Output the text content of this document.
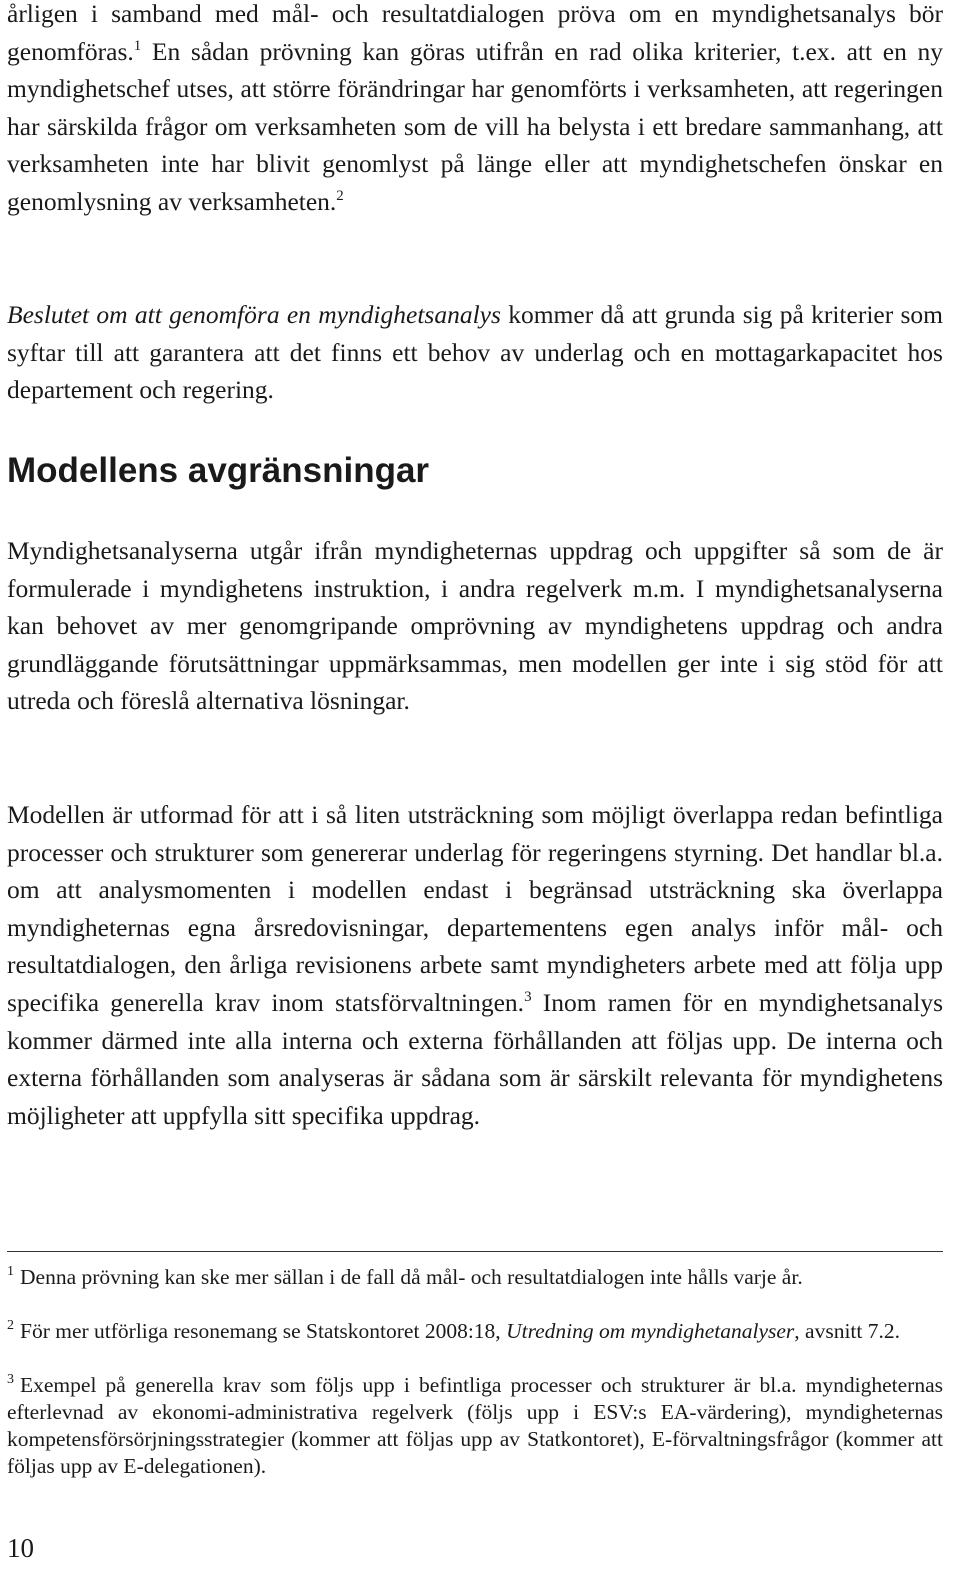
årligen i samband med mål- och resultatdialogen pröva om en myndighetsanalys bör genomföras.$^1$ En sådan prövning kan göras utifrån en rad olika kriterier, t.ex. att en ny myndighetschef utses, att större förändringar har genomförts i verksamheten, att regeringen har särskilda frågor om verksamheten som de vill ha belysta i ett bredare sammanhang, att verksamheten inte har blivit genomlyst på länge eller att myndighetschefen önskar en genomlysning av verksamheten.$^2$

Beslutet om att genomföra en myndighetsanalys kommer då att grunda sig på kriterier som syftar till att garantera att det finns ett behov av underlag och en mottagarkapacitet hos departement och regering.

Modellens avgränsningar

Myndighetsanalyserna utgår ifrån myndigheternas uppdrag och uppgifter så som de är formulerade i myndighetens instruktion, i andra regelverk m.m. I myndighetsanalyserna kan behovet av mer genomgripande omprövning av myndighetens uppdrag och andra grundläggande förutsättningar uppmärksammas, men modellen ger inte i sig stöd för att utreda och föreslå alternativa lösningar.

Modellen är utformad för att i så liten utsträckning som möjligt överlappa redan befintliga processer och strukturer som genererar underlag för regeringens styrning. Det handlar bl.a. om att analysmomenten i modellen endast i begränsad utsträckning ska överlappa myndigheternas egna årsredovisningar, departementens egen analys inför mål- och resultatdialogen, den årliga revisionens arbete samt myndigheters arbete med att följa upp specifika generella krav inom statsförvaltningen.$^3$ Inom ramen för en myndighetsanalys kommer därmed inte alla interna och externa förhållanden att följas upp. De interna och externa förhållanden som analyseras är sådana som är särskilt relevanta för myndighetens möjligheter att uppfylla sitt specifika uppdrag.

$^1$ Denna prövning kan ske mer sällan i de fall då mål- och resultatdialogen inte hålls varje år.

$^2$ För mer utförliga resonemang se Statskontoret 2008:18, Utredning om myndighetanalyser, avsnitt 7.2.

$^3$ Exempel på generella krav som följs upp i befintliga processer och strukturer är bl.a. myndigheternas efterlevnad av ekonomi-administrativa regelverk (följs upp i ESV:s EA-värdering), myndigheternas kompetensförsörjningsstrategier (kommer att följas upp av Statkontoret), E-förvaltningsfrågor (kommer att följas upp av E-delegationen).

10
